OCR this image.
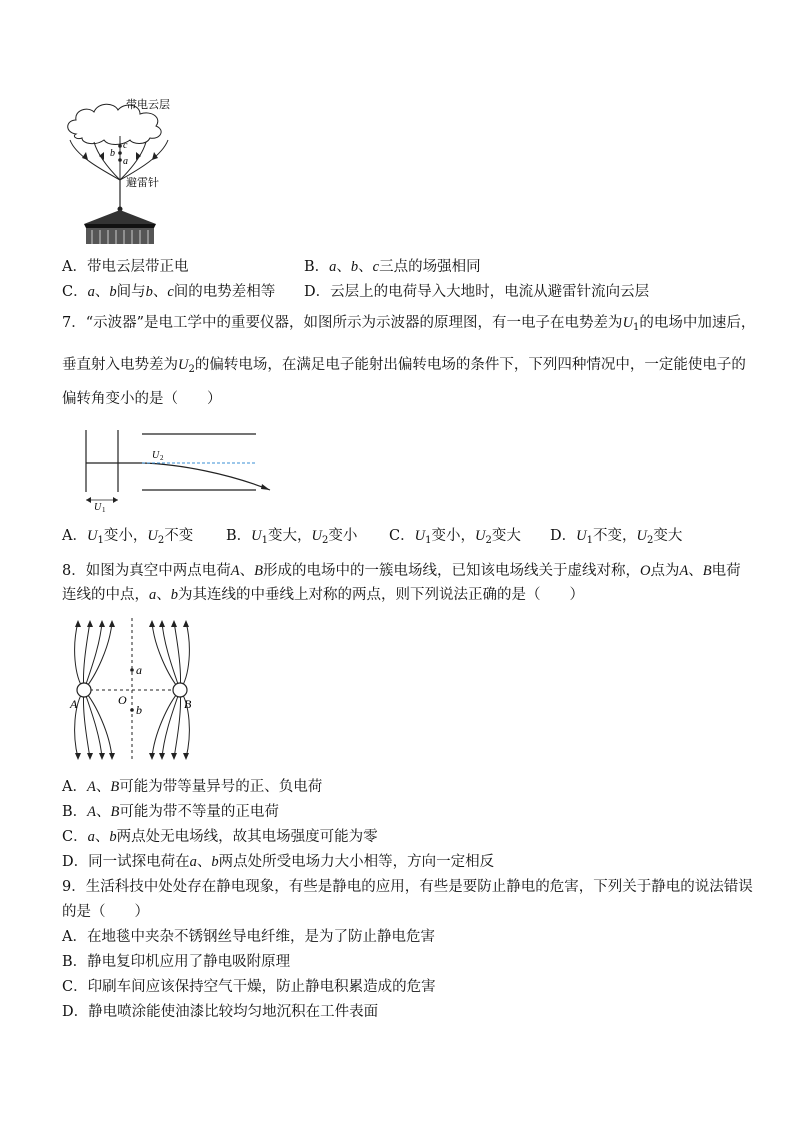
c
b
a
带电云层
避雷针
A．带电云层带正电	B．a、b、c三点的场强相同
C．a、b间与b、c间的电势差相等 D．云层上的电荷导入大地时，电流从避雷针流向云层
7．“示波器”是电工学中的重要仪器，如图所示为示波器的原理图，有一电子在电势差为$U_1$的电场中加速后，
垂直射入电势差为$U_2$的偏转电场，在满足电子能射出偏转电场的条件下，下列四种情况中，一定能使电子的
偏转角变小的是（　　）
U 2
U 1
A．$U_1$变小，$U_2$不变 B．$U_1$变大，$U_2$变小 C．$U_1$变小，$U_2$变大 D．$U_1$不变，$U_2$变大
8．如图为真空中两点电荷A、B形成的电场中的一簇电场线，已知该电场线关于虚线对称，O点为A、B电荷
连线的中点，a、b为其连线的中垂线上对称的两点，则下列说法正确的是（　　）
a
b
O
A	B
A．A、B可能为带等量异号的正、负电荷
B．A、B可能为带不等量的正电荷
C．a、b两点处无电场线，故其电场强度可能为零
D．同一试探电荷在a、b两点处所受电场力大小相等，方向一定相反
9．生活科技中处处存在静电现象，有些是静电的应用，有些是要防止静电的危害，下列关于静电的说法错误
的是（　　）
A．在地毯中夹杂不锈钢丝导电纤维，是为了防止静电危害
B．静电复印机应用了静电吸附原理
C．印刷车间应该保持空气干燥，防止静电积累造成的危害
D．静电喷涂能使油漆比较均匀地沉积在工件表面
